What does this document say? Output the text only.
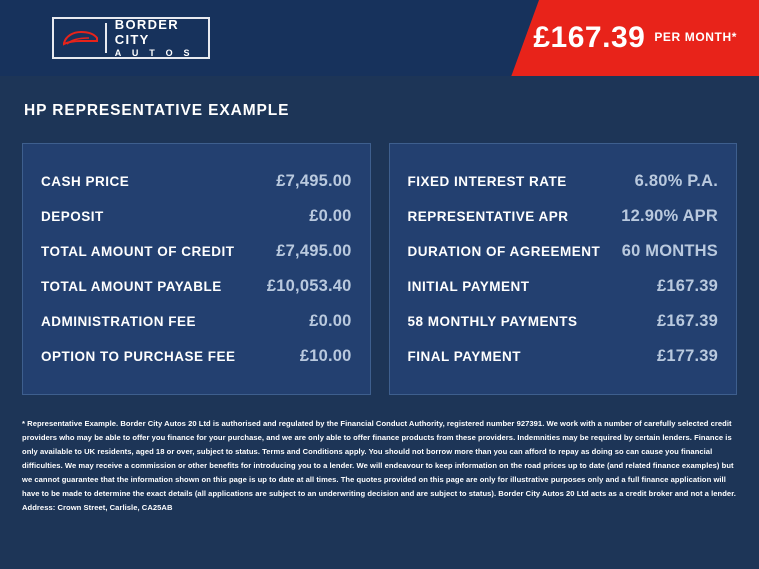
BORDER CITY
A U T O S	£167.39 PER MONTH*
HP REPRESENTATIVE EXAMPLE
CASH PRICE	£7,495.00
DEPOSIT	£0.00
TOTAL AMOUNT OF CREDIT	£7,495.00
TOTAL AMOUNT PAYABLE	£10,053.40
ADMINISTRATION FEE	£0.00
OPTION TO PURCHASE FEE	£10.00
FIXED INTEREST RATE	6.80% P.A.
REPRESENTATIVE APR	12.90% APR
DURATION OF AGREEMENT 60 MONTHS
INITIAL PAYMENT	£167.39
58 MONTHLY PAYMENTS	£167.39
FINAL PAYMENT	£177.39

* Representative Example. Border City Autos 20 Ltd is authorised and regulated by the Financial Conduct Authority, registered number 927391. We work with a number of carefully selected credit providers who may be able to offer you finance for your purchase, and we are only able to offer finance products from these providers. Indemnities may be required by certain lenders. Finance is only available to UK residents, aged 18 or over, subject to status. Terms and Conditions apply. You should not borrow more than you can afford to repay as doing so can cause you financial difficulties. We may receive a commission or other benefits for introducing you to a lender. We will endeavour to keep information on the road prices up to date (and related finance examples) but we cannot guarantee that the information shown on this page is up to date at all times. The quotes provided on this page are only for illustrative purposes only and a full finance application will have to be made to determine the exact details (all applications are subject to an underwriting decision and are subject to status). Border City Autos 20 Ltd acts as a credit broker and not a lender. Address: Crown Street, Carlisle, CA25AB
